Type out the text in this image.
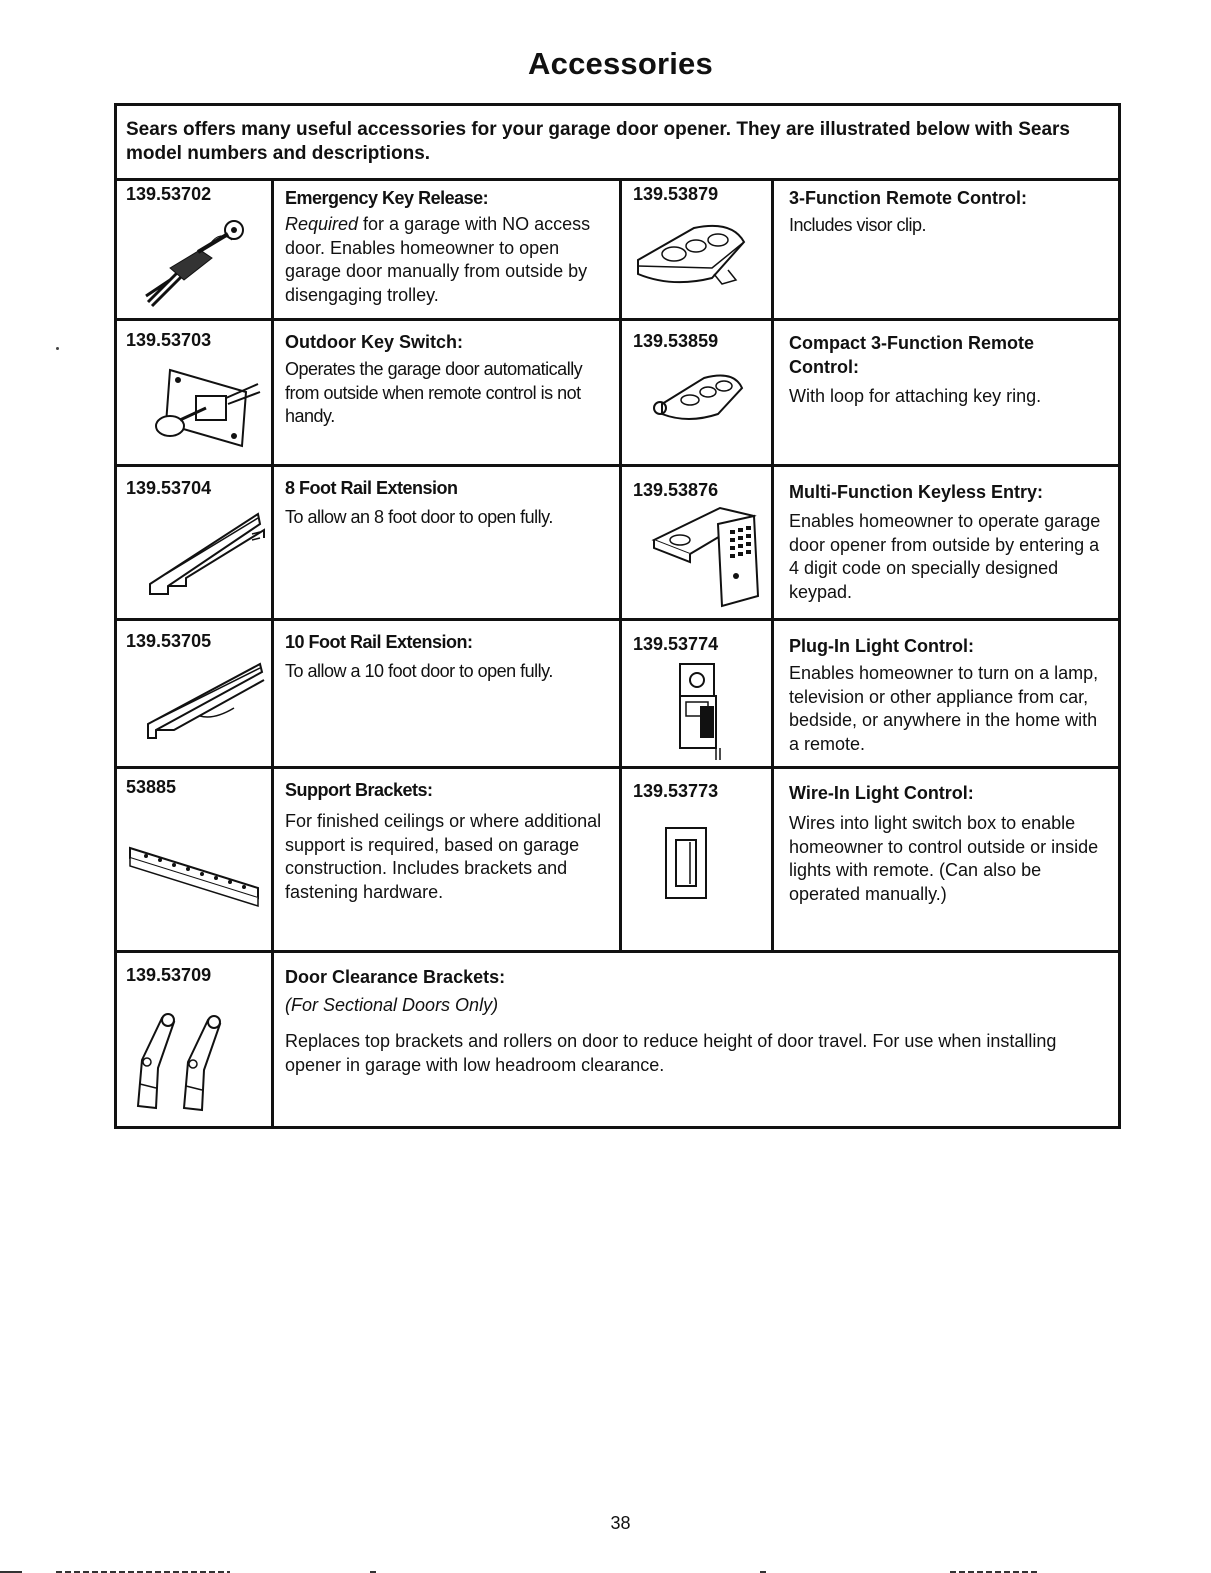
Accessories
Sears offers many useful accessories for your garage door opener. They are illustrated below with Sears model numbers and descriptions.
139.53702	Emergency Key Release:
Required for a garage with NO access door. Enables homeowner to open garage door manually from outside by disengaging trolley.
139.53879	3-Function Remote Control:
Includes visor clip.
139.53703	Outdoor Key Switch:
Operates the garage door automatically from outside when remote control is not handy.
139.53859	Compact 3-Function Remote Control:
With loop for attaching key ring.
139.53704	8 Foot Rail Extension
To allow an 8 foot door to open fully.
139.53876	Multi-Function Keyless Entry:
Enables homeowner to operate garage door opener from outside by entering a 4 digit code on specially designed keypad.
139.53705	10 Foot Rail Extension:
To allow a 10 foot door to open fully.
139.53774	Plug-In Light Control:
Enables homeowner to turn on a lamp, television or other appliance from car, bedside, or anywhere in the home with a remote.
53885	Support Brackets:
For finished ceilings or where additional support is required, based on garage construction. Includes brackets and fastening hardware.
139.53773	Wire-In Light Control:
Wires into light switch box to enable homeowner to control outside or inside lights with remote. (Can also be operated manually.)
139.53709	Door Clearance Brackets:
(For Sectional Doors Only)
Replaces top brackets and rollers on door to reduce height of door travel. For use when installing opener in garage with low headroom clearance.
38
